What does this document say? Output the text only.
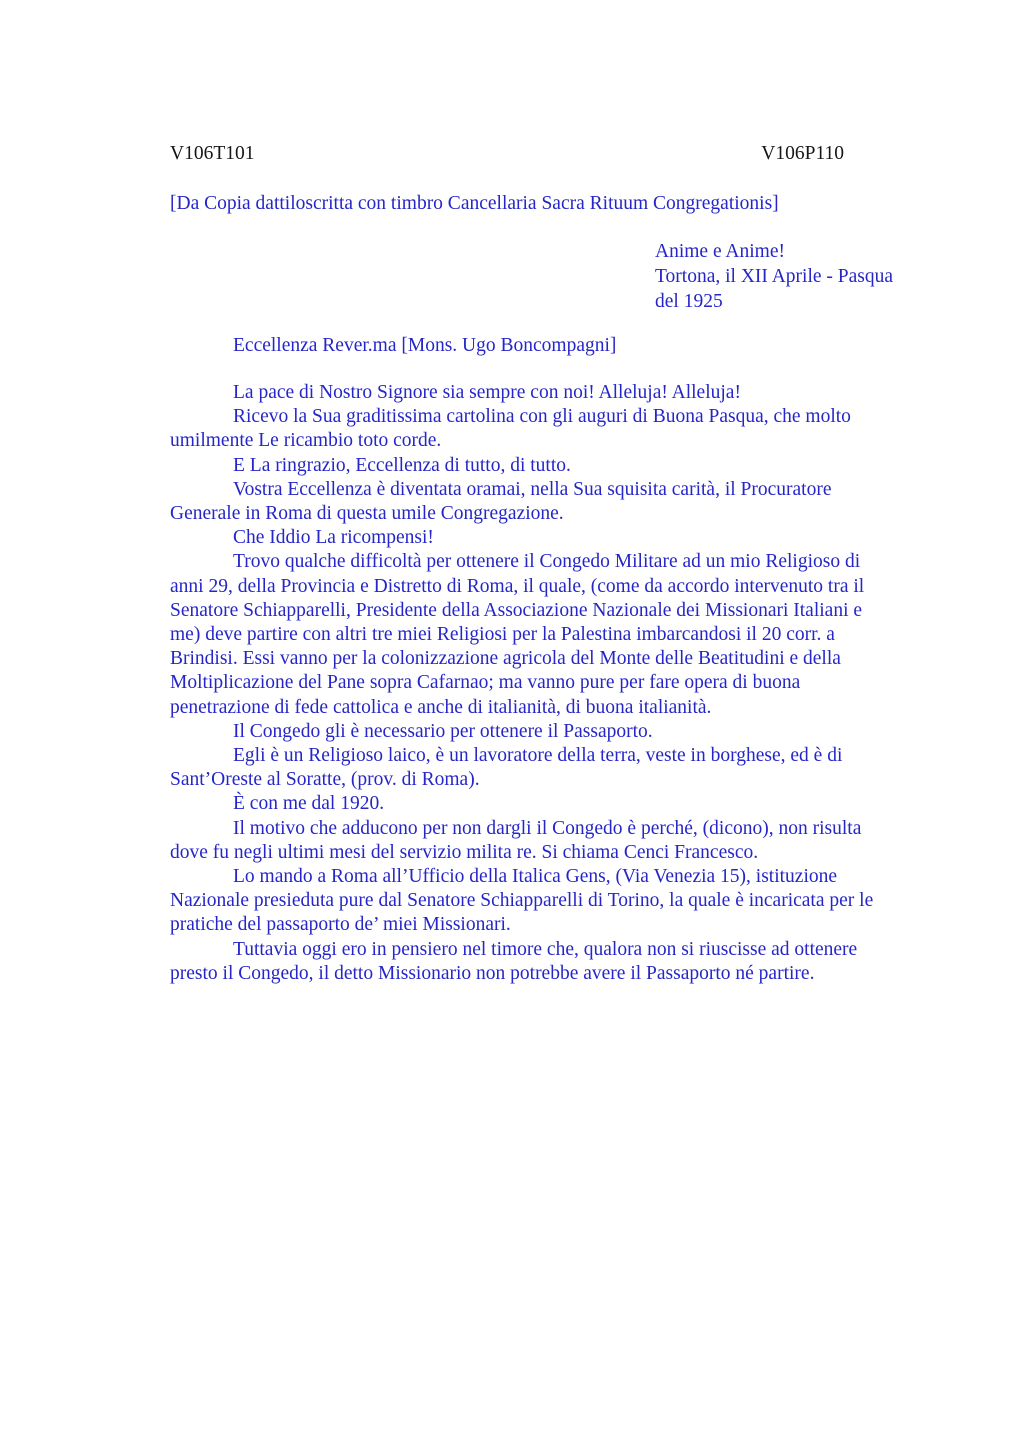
V106T101	V106P110
[Da Copia dattiloscritta con timbro Cancellaria Sacra Rituum Congregationis]
Anime e Anime!
Tortona, il XII Aprile - Pasqua
del 1925
Eccellenza Rever.ma [Mons. Ugo Boncompagni]
La pace di Nostro Signore sia sempre con noi! Alleluja! Alleluja!
Ricevo la Sua graditissima cartolina con gli auguri di Buona Pasqua, che molto
umilmente Le ricambio toto corde.
E La ringrazio, Eccellenza di tutto, di tutto.
Vostra Eccellenza è diventata oramai, nella Sua squisita carità, il Procuratore
Generale in Roma di questa umile Congregazione.
Che Iddio La ricompensi!
Trovo qualche difficoltà per ottenere il Congedo Militare ad un mio Religioso di
anni 29, della Provincia e Distretto di Roma, il quale, (come da accordo intervenuto tra il
Senatore Schiapparelli, Presidente della Associazione Nazionale dei Missionari Italiani e
me) deve partire con altri tre miei Religiosi per la Palestina imbarcandosi il 20 corr. a
Brindisi. Essi vanno per la colonizzazione agricola del Monte delle Beatitudini e della
Moltiplicazione del Pane sopra Cafarnao; ma vanno pure per fare opera di buona
penetrazione di fede cattolica e anche di italianità, di buona italianità.
Il Congedo gli è necessario per ottenere il Passaporto.
Egli è un Religioso laico, è un lavoratore della terra, veste in borghese, ed è di
Sant’Oreste al Soratte, (prov. di Roma).
È con me dal 1920.
Il motivo che adducono per non dargli il Congedo è perché, (dicono), non risulta
dove fu negli ultimi mesi del servizio milita re. Si chiama Cenci Francesco.
Lo mando a Roma all’Ufficio della Italica Gens, (Via Venezia 15), istituzione
Nazionale presieduta pure dal Senatore Schiapparelli di Torino, la quale è incaricata per le
pratiche del passaporto de’ miei Missionari.
Tuttavia oggi ero in pensiero nel timore che, qualora non si riuscisse ad ottenere
presto il Congedo, il detto Missionario non potrebbe avere il Passaporto né partire.
